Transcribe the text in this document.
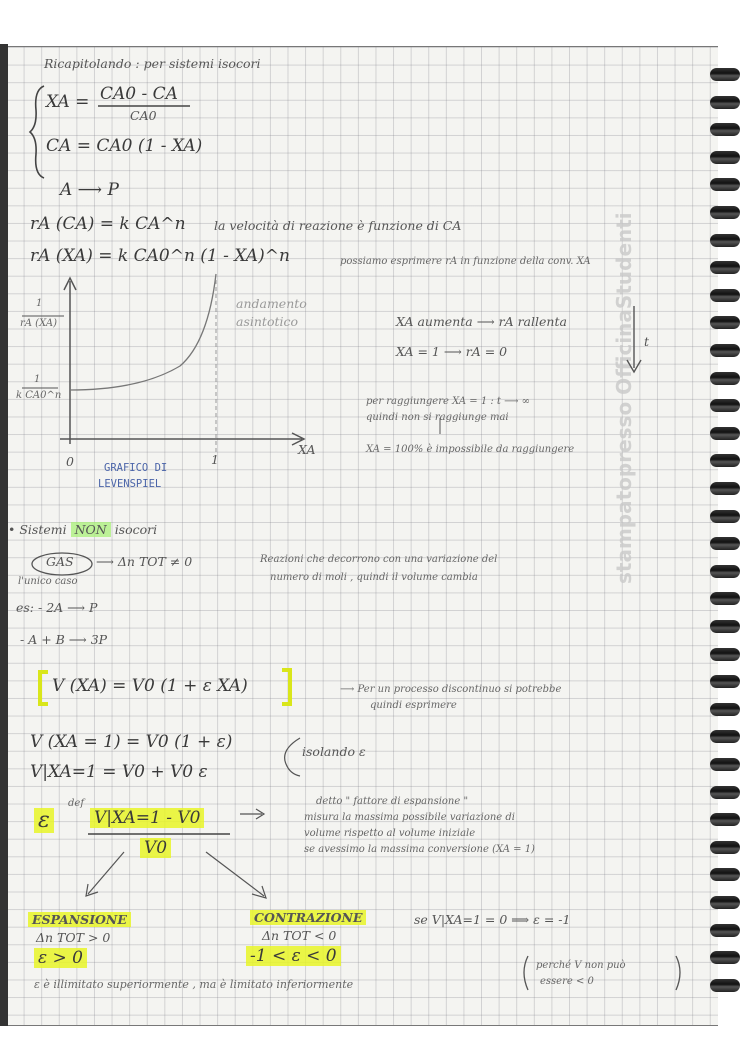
stampatopresso OfficinaStudenti
Ricapitolando : per sistemi isocori
XA = CA0 - CA
CA0
CA = CA0 (1 - XA)
A ⟶ P
rA (CA) = k CA^n la velocità di reazione è funzione di CA
rA (XA) = k CA0^n (1 - XA)^n	possiamo esprimere rA in funzione della conv. XA
1
rA (XA)
1
k CA0^n
XA
0	1
andamento
asintotico
GRAFICO DI
LEVENSPIEL
XA aumenta ⟶ rA rallenta
XA = 1 ⟶ rA = 0
t
per raggiungere XA = 1 : t ⟶ ∞
quindi non si raggiunge mai
XA = 100% è impossibile da raggiungere
• Sistemi NON isocori
GAS ⟶ Δn TOT ≠ 0
l'unico caso
Reazioni che decorrono con una variazione del
numero di moli , quindi il volume cambia
es: - 2A ⟶ P
- A + B ⟶ 3P
V (XA) = V0 (1 + ε XA)	⟶ Per un processo discontinuo si potrebbe
quindi esprimere
V (XA = 1) = V0 (1 + ε)
V|XA=1 = V0 + V0 ε
isolando ε
ε
def
V|XA=1 - V0
V0
detto " fattore di espansione "
misura la massima possibile variazione di
volume rispetto al volume iniziale
se avessimo la massima conversione (XA = 1)
ESPANSIONE
Δn TOT > 0
ε > 0
CONTRAZIONE
Δn TOT < 0
-1 < ε < 0
se V|XA=1 = 0 ⟹ ε = -1
ε è illimitato superiormente , ma è limitato inferiormente
perché V non può
essere < 0
